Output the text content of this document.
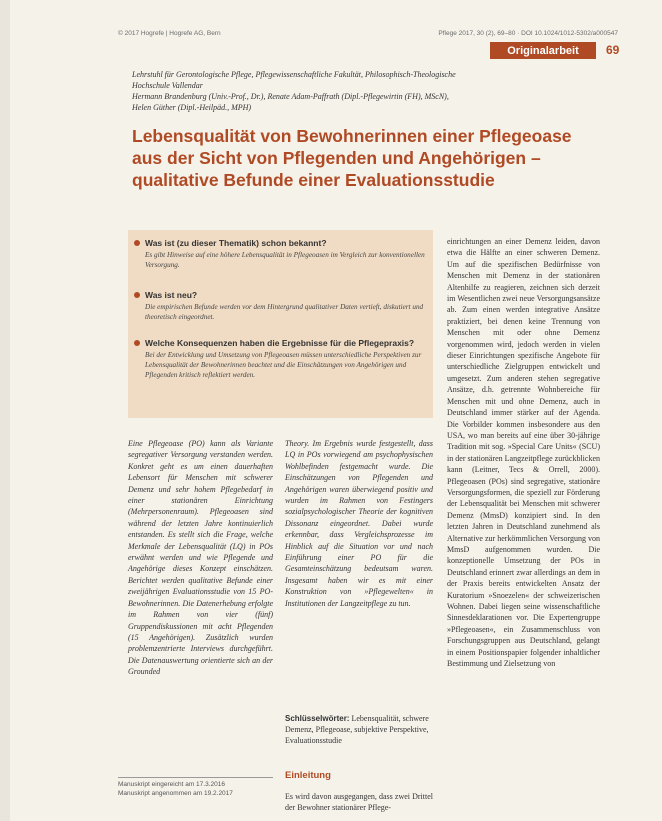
© 2017 Hogrefe | Hogrefe AG, Bern	Pflege 2017, 30 (2), 69–80 · DOI 10.1024/1012-5302/a000547
Originalarbeit	69
Lehrstuhl für Gerontologische Pflege, Pflegewissenschaftliche Fakultät, Philosophisch-Theologische Hochschule Vallendar
Hermann Brandenburg (Univ.-Prof., Dr.), Renate Adam-Paffrath (Dipl.-Pflegewirtin (FH), MScN), Helen Güther (Dipl.-Heilpäd., MPH)
Lebensqualität von Bewohnerinnen einer Pflegeoase aus der Sicht von Pflegenden und Angehörigen – qualitative Befunde einer Evaluationsstudie
Was ist (zu dieser Thematik) schon bekannt?
Es gibt Hinweise auf eine höhere Lebensqualität in Pflegeoasen im Vergleich zur konventionellen Versorgung.
Was ist neu?
Die empirischen Befunde werden vor dem Hintergrund qualitativer Daten vertieft, diskutiert und theoretisch eingeordnet.
Welche Konsequenzen haben die Ergebnisse für die Pflegepraxis?
Bei der Entwicklung und Umsetzung von Pflegeoasen müssen unterschiedliche Perspektiven zur Lebensqualität der Bewohnerinnen beachtet und die Einschätzungen von Angehörigen und Pflegenden kritisch reflektiert werden.
Eine Pflegeoase (PO) kann als Variante segregativer Versorgung verstanden werden. Konkret geht es um einen dauerhaften Lebensort für Menschen mit schwerer Demenz und sehr hohem Pflegebedarf in einer stationären Einrichtung (Mehrpersonenraum). Pflegeoasen sind während der letzten Jahre kontinuierlich entstanden. Es stellt sich die Frage, welche Merkmale der Lebensqualität (LQ) in POs erwähnt werden und wie Pflegende und Angehörige dieses Konzept einschätzen. Berichtet werden qualitative Befunde einer zweijährigen Evaluationsstudie von 15 PO-Bewohnerinnen. Die Datenerhebung erfolgte im Rahmen von vier (fünf) Gruppendiskussionen mit acht Pflegenden (15 Angehörigen). Zusätzlich wurden problemzentrierte Interviews durchgeführt. Die Datenauswertung orientierte sich an der Grounded
Theory. Im Ergebnis wurde festgestellt, dass LQ in POs vorwiegend am psychophysischen Wohlbefinden festgemacht wurde. Die Einschätzungen von Pflegenden und Angehörigen waren überwiegend positiv und wurden im Rahmen von Festingers sozialpsychologischer Theorie der kognitiven Dissonanz eingeordnet. Dabei wurde erkennbar, dass Vergleichsprozesse im Hinblick auf die Situation vor und nach Einführung einer PO für die Gesamteinschätzung bedeutsam waren. Insgesamt haben wir es mit einer Konstruktion von »Pflegewelten« in Institutionen der Langzeitpflege zu tun.
Schlüsselwörter: Lebensqualität, schwere Demenz, Pflegeoase, subjektive Perspektive, Evaluationsstudie
Einleitung
Es wird davon ausgegangen, dass zwei Drittel der Bewohner stationärer Pflege-
einrichtungen an einer Demenz leiden, davon etwa die Hälfte an einer schweren Demenz. Um auf die spezifischen Bedürfnisse von Menschen mit Demenz in der stationären Altenhilfe zu reagieren, zeichnen sich derzeit im Wesentlichen zwei neue Versorgungsansätze ab. Zum einen werden integrative Ansätze praktiziert, bei denen keine Trennung von Menschen mit oder ohne Demenz vorgenommen wird, jedoch werden in vielen dieser Einrichtungen spezifische Angebote für unterschiedliche Zielgruppen entwickelt und umgesetzt. Zum anderen stehen segregative Ansätze, d.h. getrennte Wohnbereiche für Menschen mit und ohne Demenz, auch in Deutschland immer stärker auf der Agenda. Die Vorbilder kommen insbesondere aus den USA, wo man bereits auf eine über 30-jährige Tradition mit sog. »Special Care Units« (SCU) in der stationären Langzeitpflege zurückblicken kann (Leitner, Tecs & Orrell, 2000). Pflegeoasen (POs) sind segregative, stationäre Versorgungsformen, die speziell zur Förderung der Lebensqualität bei Menschen mit schwerer Demenz (MmsD) konzipiert sind. In den letzten Jahren in Deutschland zunehmend als Alternative zur herkömmlichen Versorgung von MmsD aufgenommen wurden. Die konzeptionelle Umsetzung der POs in Deutschland erinnert zwar allerdings an dem in der Praxis bereits entwickelten Ansatz der Kuratorium »Snoezelen« der schweizerischen Wohnen. Dabei liegen seine wissenschaftliche Sinnesdeklarationen vor. Die Expertengruppe »Pflegeoasen«, ein Zusammenschluss von Forschungsgruppen aus Deutschland, gelangt in einem Positionspapier folgender inhaltlicher Bestimmung und Zielsetzung von
Manuskript eingereicht am 17.3.2016
Manuskript angenommen am 19.2.2017
